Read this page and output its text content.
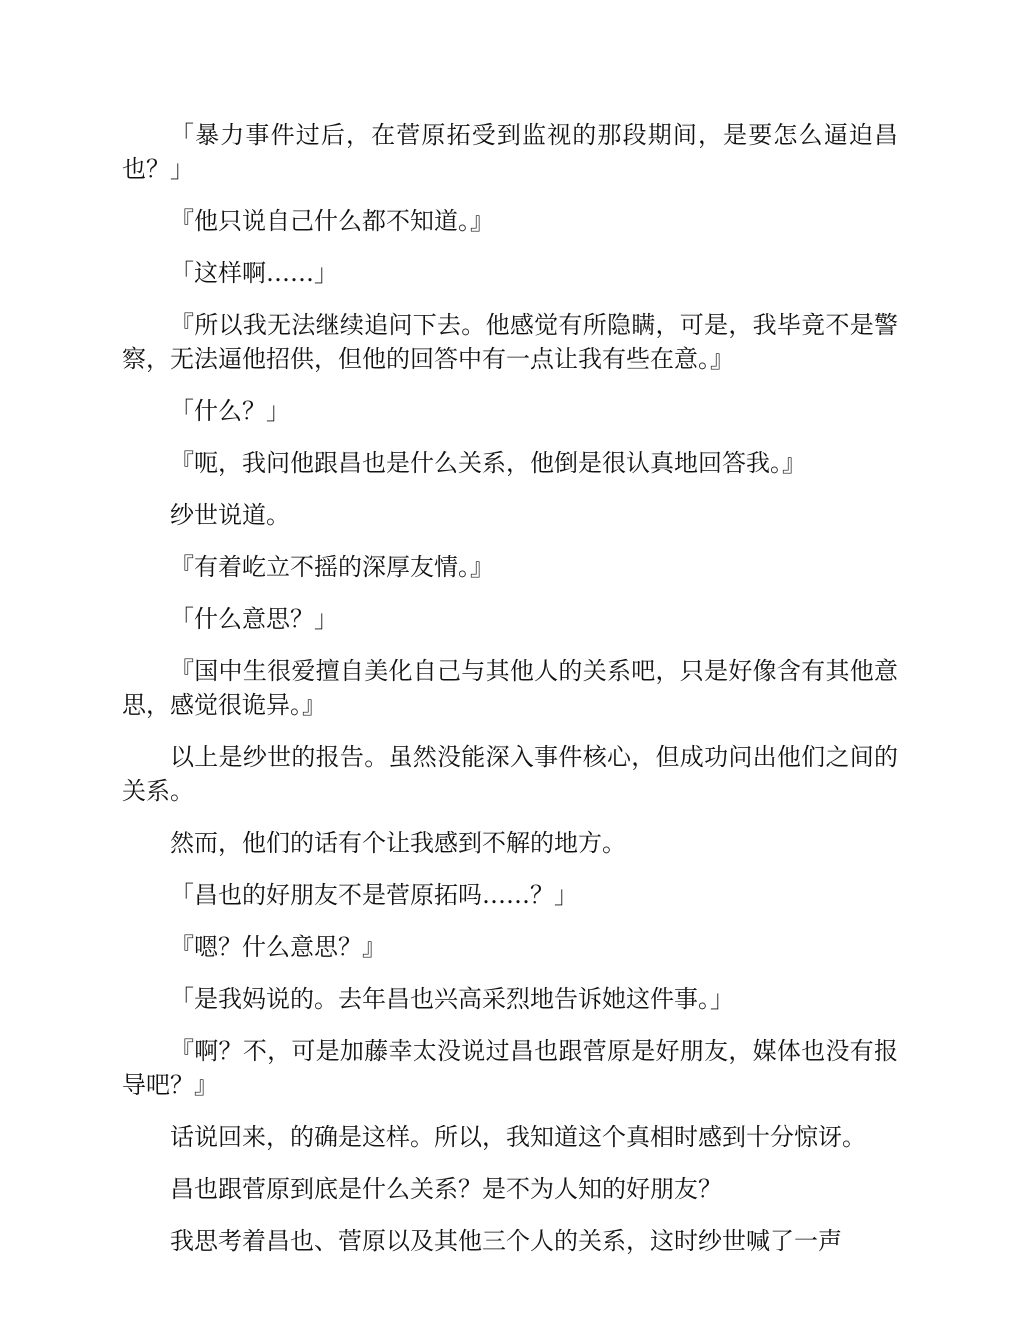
「暴力事件过后，在菅原拓受到监视的那段期间，是要怎么逼迫昌也？」

『他只说自己什么都不知道。』

「这样啊……」

『所以我无法继续追问下去。他感觉有所隐瞒，可是，我毕竟不是警察，无法逼他招供，但他的回答中有一点让我有些在意。』

「什么？」

『呃，我问他跟昌也是什么关系，他倒是很认真地回答我。』

纱世说道。

『有着屹立不摇的深厚友情。』

「什么意思？」

『国中生很爱擅自美化自己与其他人的关系吧，只是好像含有其他意思，感觉很诡异。』

以上是纱世的报告。虽然没能深入事件核心，但成功问出他们之间的关系。

然而，他们的话有个让我感到不解的地方。

「昌也的好朋友不是菅原拓吗……？」

『嗯？什么意思？』

「是我妈说的。去年昌也兴高采烈地告诉她这件事。」

『啊？不，可是加藤幸太没说过昌也跟菅原是好朋友，媒体也没有报导吧？』

话说回来，的确是这样。所以，我知道这个真相时感到十分惊讶。

昌也跟菅原到底是什么关系？是不为人知的好朋友？

我思考着昌也、菅原以及其他三个人的关系，这时纱世喊了一声
